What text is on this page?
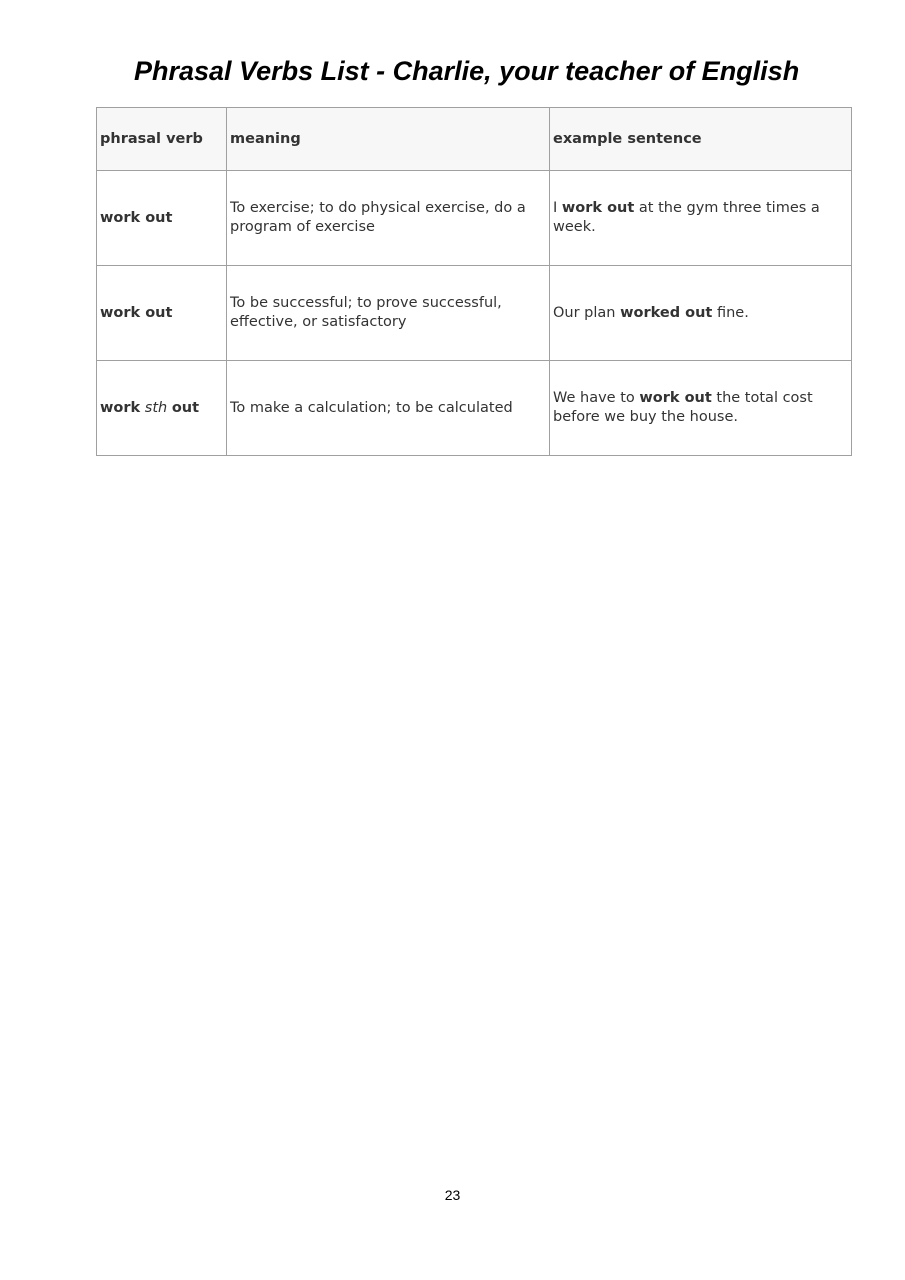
Phrasal Verbs List - Charlie, your teacher of English
phrasal verb	meaning	example sentence
work out	To exercise; to do physical exercise, do a program of exercise	I work out at the gym three times a week.
work out	To be successful; to prove successful, effective, or satisfactory	Our plan worked out fine.
work sth out	To make a calculation; to be calculated	We have to work out the total cost before we buy the house.
23
